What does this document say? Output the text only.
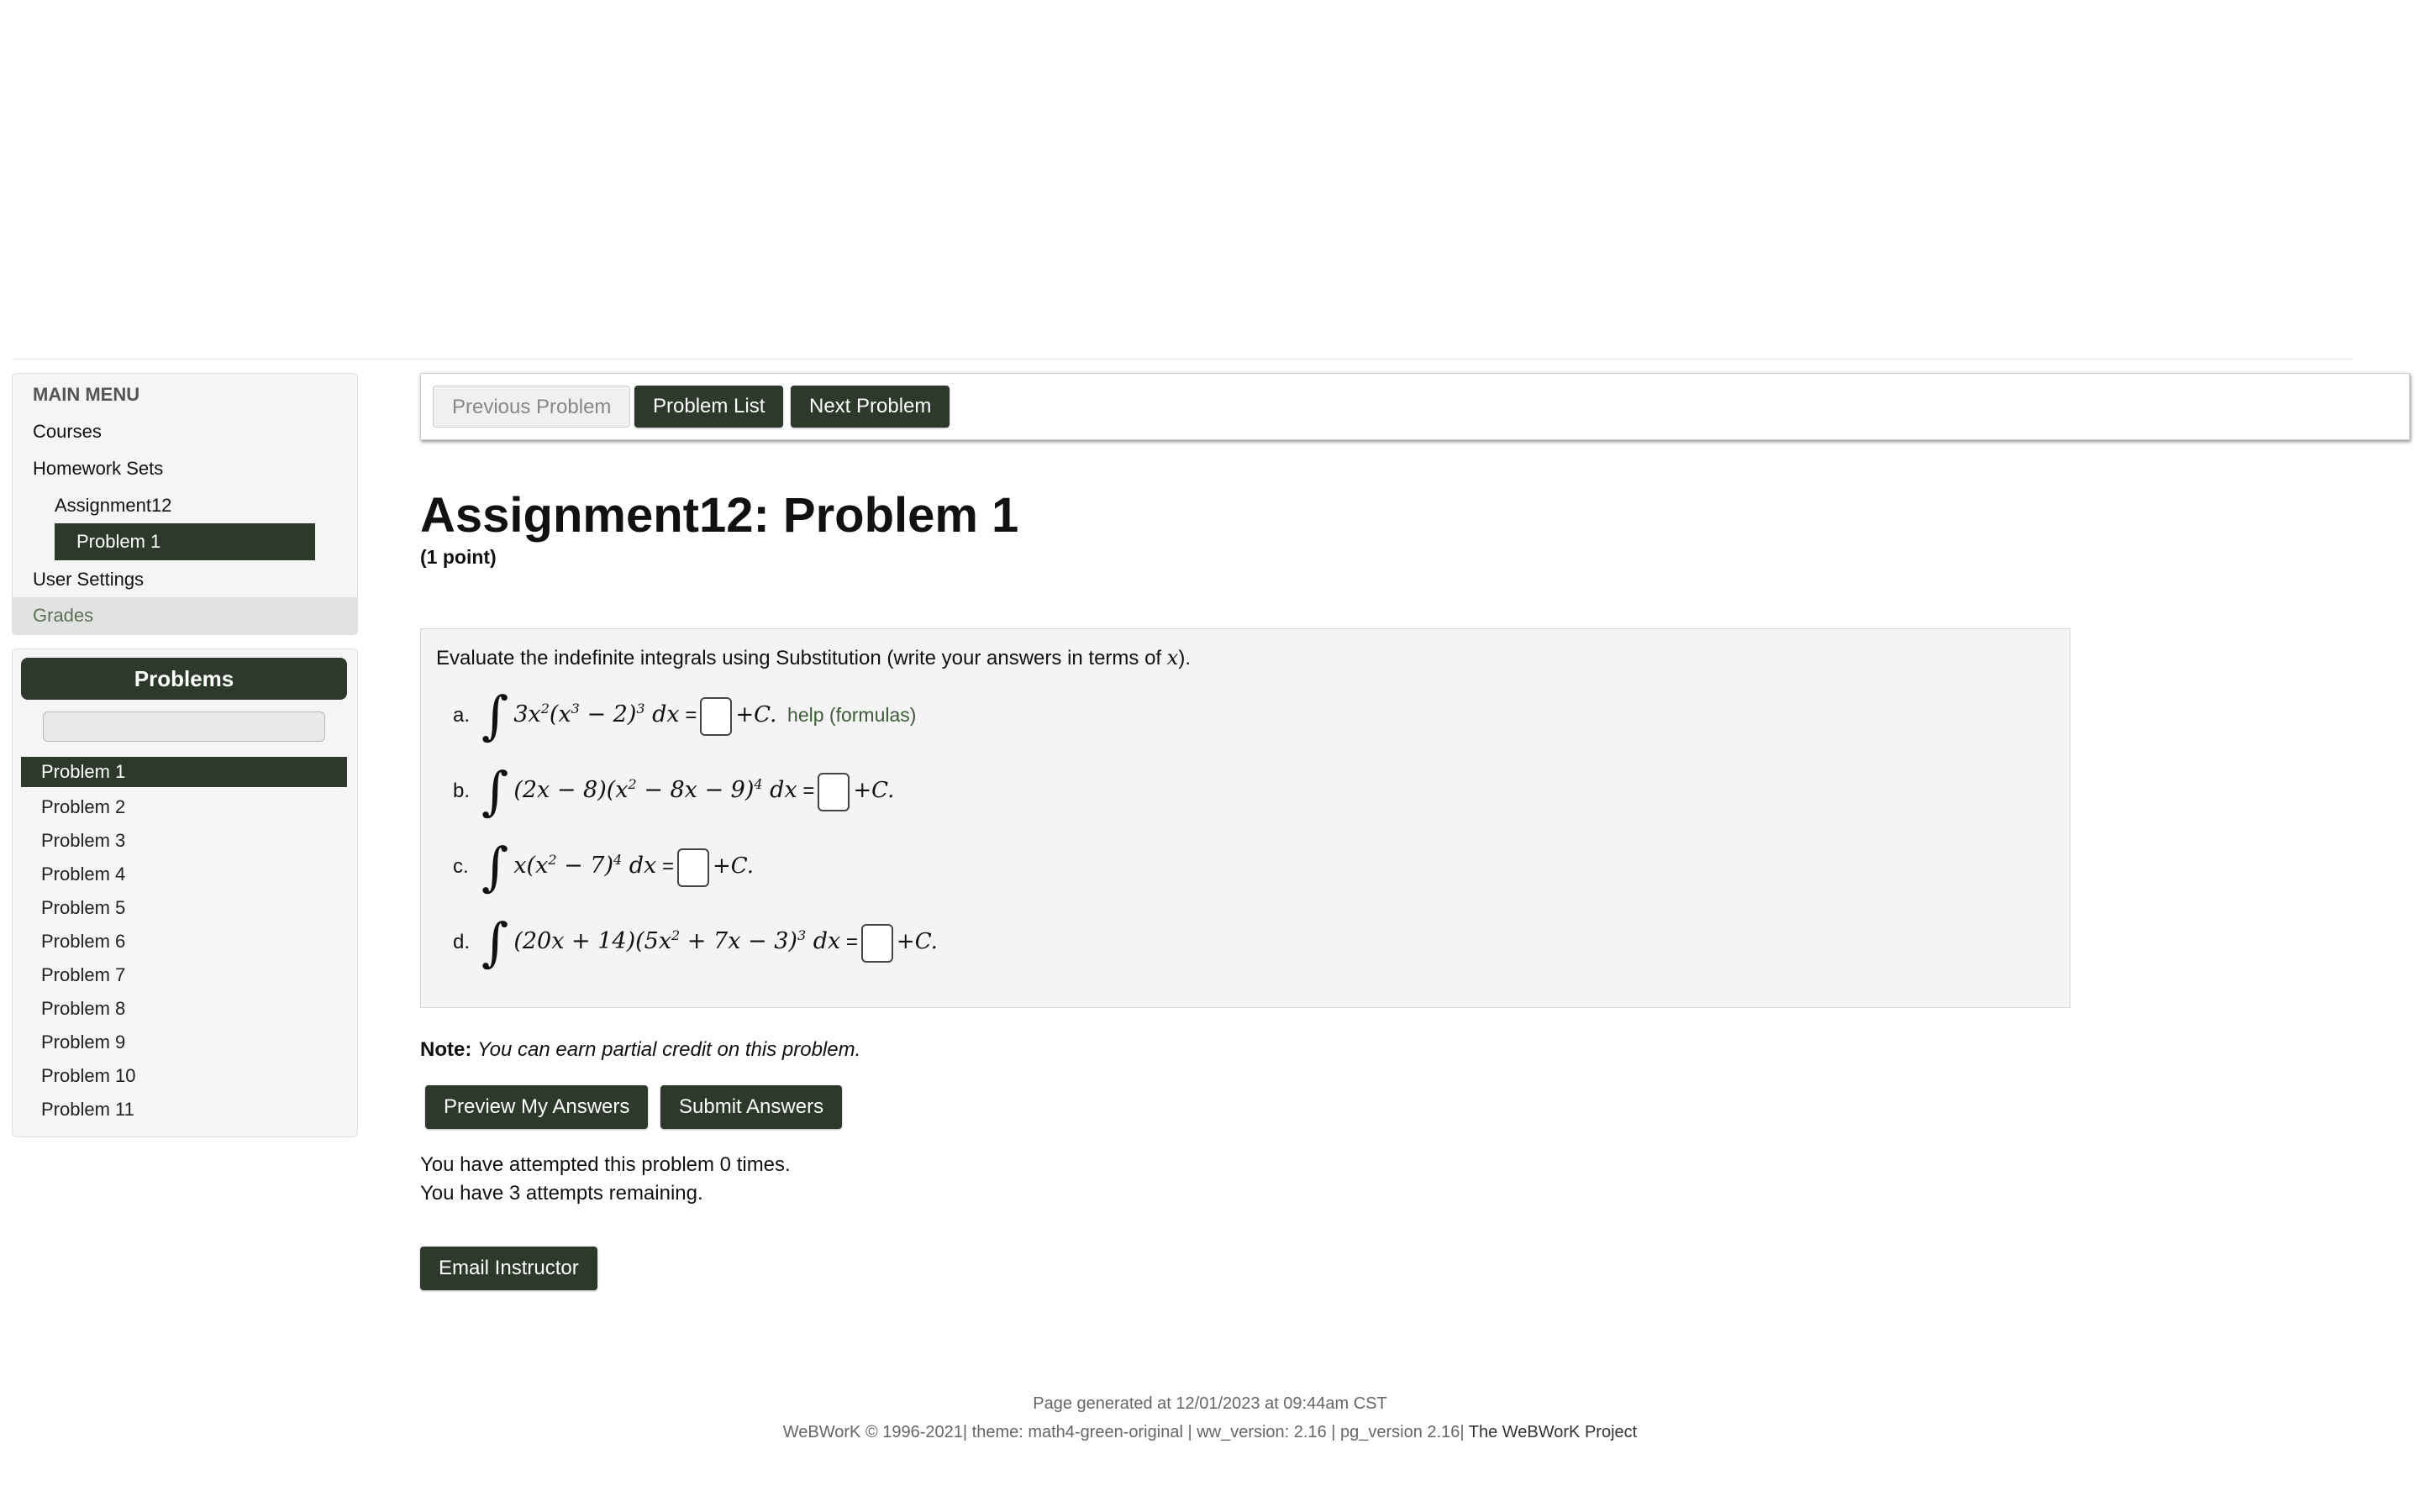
MAIN MENU
Courses
Homework Sets
Assignment12
Problem 1
User Settings
Grades
Problems
Problem 1
Problem 2
Problem 3
Problem 4
Problem 5
Problem 6
Problem 7
Problem 8
Problem 9
Problem 10
Problem 11
Previous Problem	Problem List	Next Problem
Assignment12: Problem 1
(1 point)
Evaluate the indefinite integrals using Substitution (write your answers in terms of x).
a. ∫ $3x^2(x^3 - 2)^3$ dx = +C. help (formulas)
b. ∫ $(2x - 8)(x^2 - 8x - 9)^4$ dx = +C.
c. ∫ $x(x^2 - 7)^4$ dx = +C.
d. ∫ $(20x + 14)(5x^2 + 7x - 3)^3$ dx = +C.
Note: You can earn partial credit on this problem.
Preview My Answers	Submit Answers
You have attempted this problem 0 times.
You have 3 attempts remaining.
Email Instructor
Page generated at 12/01/2023 at 09:44am CST
WeBWorK © 1996-2021| theme: math4-green-original | ww_version: 2.16 | pg_version 2.16| The WeBWorK Project
